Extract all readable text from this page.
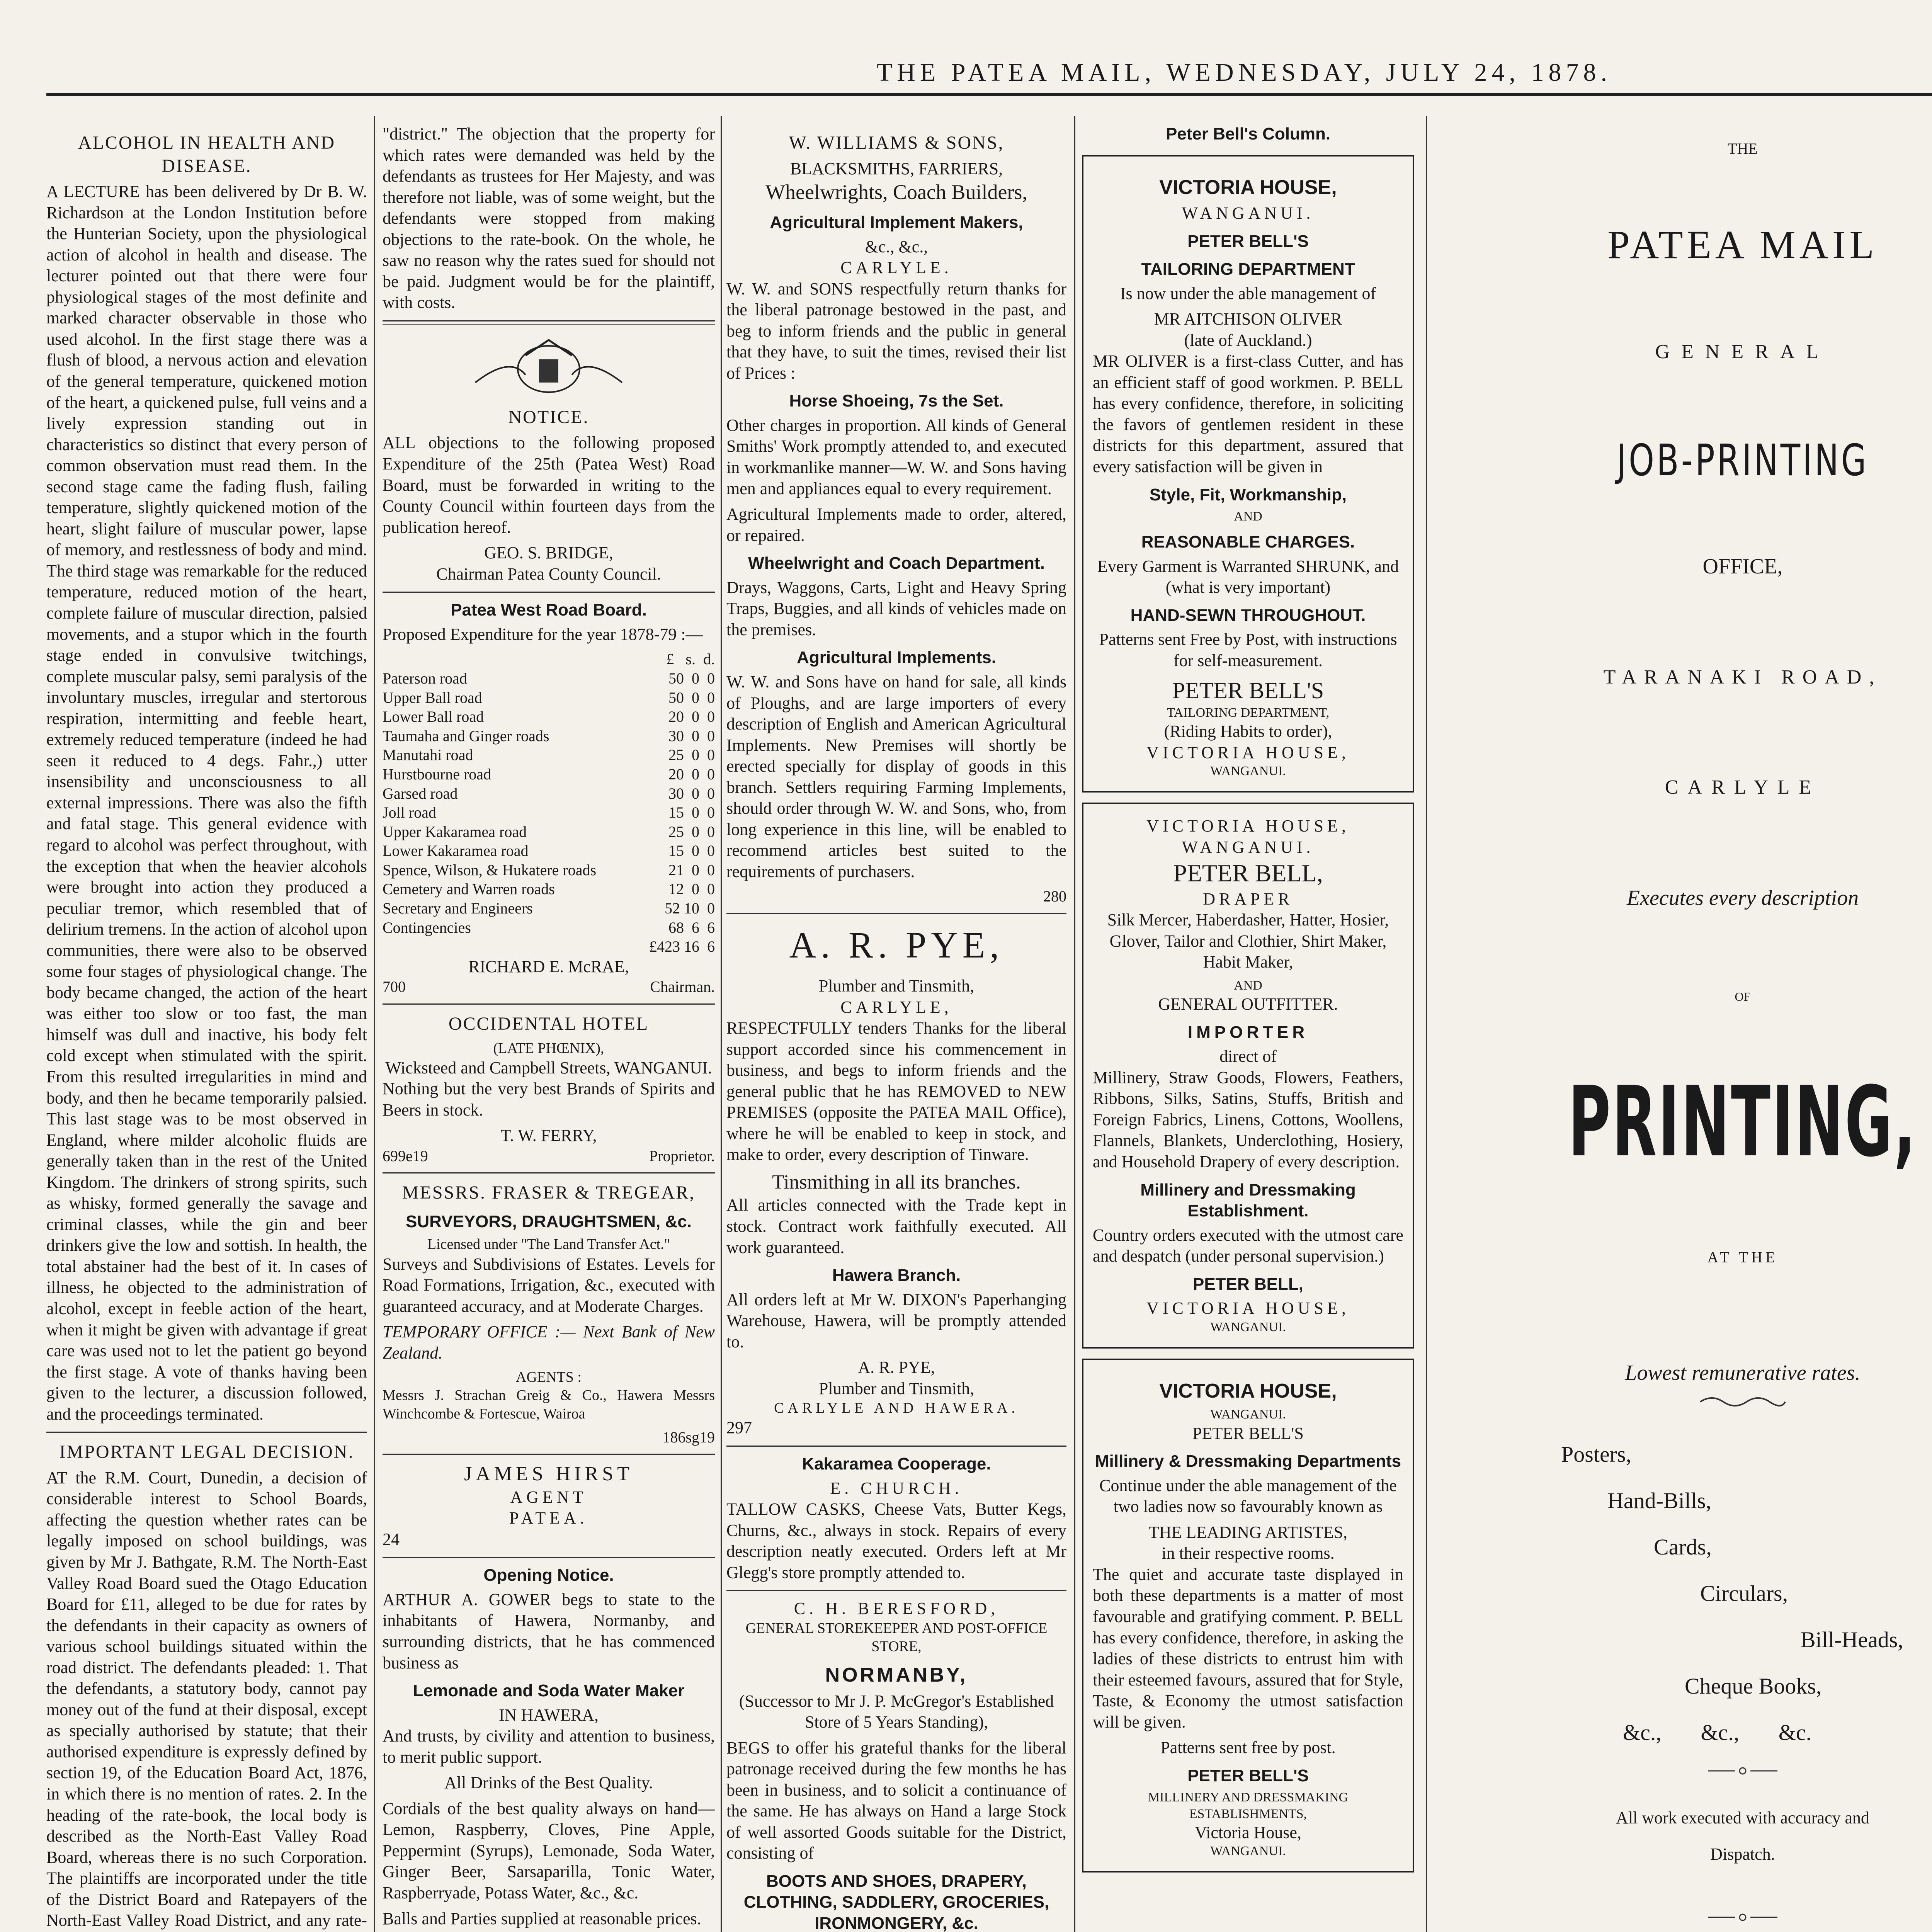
THE PATEA MAIL, WEDNESDAY, JULY 24, 1878.
ALCOHOL IN HEALTH AND DISEASE.

A LECTURE has been delivered by Dr B. W. Richardson at the London Institution before the Hunterian Society, upon the physiological action of alcohol in health and disease. The lecturer pointed out that there were four physiological stages of the most definite and marked character observable in those who used alcohol. In the first stage there was a flush of blood, a nervous action and elevation of the general temperature, quickened motion of the heart, a quickened pulse, full veins and a lively expression standing out in characteristics so distinct that every person of common observation must read them. In the second stage came the fading flush, failing temperature, slightly quickened motion of the heart, slight failure of muscular power, lapse of memory, and restlessness of body and mind. The third stage was remarkable for the reduced temperature, reduced motion of the heart, complete failure of muscular direction, palsied movements, and a stupor which in the fourth stage ended in convulsive twitchings, complete muscular palsy, semi paralysis of the involuntary muscles, irregular and stertorous respiration, intermitting and feeble heart, extremely reduced temperature (indeed he had seen it reduced to 4 degs. Fahr.,) utter insensibility and unconsciousness to all external impressions. There was also the fifth and fatal stage. This general evidence with regard to alcohol was perfect throughout, with the exception that when the heavier alcohols were brought into action they produced a peculiar tremor, which resembled that of delirium tremens. In the action of alcohol upon communities, there were also to be observed some four stages of physiological change. The body became changed, the action of the heart was either too slow or too fast, the man himself was dull and inactive, his body felt cold except when stimulated with the spirit. From this resulted irregularities in mind and body, and then he became temporarily palsied. This last stage was to be most observed in England, where milder alcoholic fluids are generally taken than in the rest of the United Kingdom. The drinkers of strong spirits, such as whisky, formed generally the savage and criminal classes, while the gin and beer drinkers give the low and sottish. In health, the total abstainer had the best of it. In cases of illness, he objected to the administration of alcohol, except in feeble action of the heart, when it might be given with advantage if great care was used not to let the patient go beyond the first stage. A vote of thanks having been given to the lecturer, a discussion followed, and the proceedings terminated.

IMPORTANT LEGAL DECISION.

AT the R.M. Court, Dunedin, a decision of considerable interest to School Boards, affecting the question whether rates can be legally imposed on school buildings, was given by Mr J. Bathgate, R.M. The North-East Valley Road Board sued the Otago Education Board for £11, alleged to be due for rates by the defendants in their capacity as owners of various school buildings situated within the road district. The defendants pleaded: 1. That the defendants, a statutory body, cannot pay money out of the fund at their disposal, except as specially authorised by statute; that their authorised expenditure is expressly defined by section 19, of the Education Board Act, 1876, in which there is no mention of rates. 2. In the heading of the rate-book, the local body is described as the North-East Valley Road Board, whereas there is no such Corporation. The plaintiffs are incorporated under the title of the District Board and Ratepayers of the North-East Valley Road District, and any rate-

"district." The objection that the property for which rates were demanded was held by the defendants as trustees for Her Majesty, and was therefore not liable, was of some weight, but the defendants were stopped from making objections to the rate-book. On the whole, he saw no reason why the rates sued for should not be paid. Judgment would be for the plaintiff, with costs.

NOTICE.

ALL objections to the following proposed Expenditure of the 25th (Patea West) Road Board, must be forwarded in writing to the County Council within fourteen days from the publication hereof.

GEO. S. BRIDGE,
Chairman Patea County Council.
Patea West Road Board.

Proposed Expenditure for the year 1878-79 :—

£   s.  d.
Paterson road	50  0  0
Upper Ball road	50  0  0
Lower Ball road	20  0  0
Taumaha and Ginger roads	30  0  0
Manutahi road	25  0  0
Hurstbourne road	20  0  0
Garsed road	30  0  0
Joll road	15  0  0
Upper Kakaramea road	25  0  0
Lower Kakaramea road	15  0  0
Spence, Wilson, & Hukatere roads	21  0  0
Cemetery and Warren roads	12  0  0
Secretary and Engineers	52 10  0
Contingencies	68  6  6
£423 16  6
RICHARD E. McRAE,
700	Chairman.
OCCIDENTAL HOTEL
(LATE PHŒNIX),
Wicksteed and Campbell Streets, WANGANUI.

Nothing but the very best Brands of Spirits and Beers in stock.

T. W. FERRY,
699e19	Proprietor.
MESSRS. FRASER & TREGEAR,
SURVEYORS, DRAUGHTSMEN, &c.
Licensed under "The Land Transfer Act."

Surveys and Subdivisions of Estates. Levels for Road Formations, Irrigation, &c., executed with guaranteed accuracy, and at Moderate Charges.

TEMPORARY OFFICE :— Next Bank of New Zealand.

AGENTS :

Messrs J. Strachan Greig & Co., Hawera Messrs Winchcombe & Fortescue, Wairoa

186sg19
JAMES HIRST
AGENT
PATEA.
24
Opening Notice.

ARTHUR A. GOWER begs to state to the inhabitants of Hawera, Normanby, and surrounding districts, that he has commenced business as

Lemonade and Soda Water Maker
IN HAWERA,

And trusts, by civility and attention to business, to merit public support.

All Drinks of the Best Quality.

Cordials of the best quality always on hand—Lemon, Raspberry, Cloves, Pine Apple, Peppermint (Syrups), Lemonade, Soda Water, Ginger Beer, Sarsaparilla, Tonic Water, Raspberryade, Potass Water, &c., &c.

Balls and Parties supplied at reasonable prices.

W. WILLIAMS & SONS,
BLACKSMITHS, FARRIERS,
Wheelwrights, Coach Builders,
Agricultural Implement Makers,
&c., &c.,
CARLYLE.

W. W. and SONS respectfully return thanks for the liberal patronage bestowed in the past, and beg to inform friends and the public in general that they have, to suit the times, revised their list of Prices :

Horse Shoeing, 7s the Set.

Other charges in proportion. All kinds of General Smiths' Work promptly attended to, and executed in workmanlike manner—W. W. and Sons having men and appliances equal to every requirement.

Agricultural Implements made to order, altered, or repaired.

Wheelwright and Coach Department.

Drays, Waggons, Carts, Light and Heavy Spring Traps, Buggies, and all kinds of vehicles made on the premises.

Agricultural Implements.

W. W. and Sons have on hand for sale, all kinds of Ploughs, and are large importers of every description of English and American Agricultural Implements. New Premises will shortly be erected specially for display of goods in this branch. Settlers requiring Farming Implements, should order through W. W. and Sons, who, from long experience in this line, will be enabled to recommend articles best suited to the requirements of purchasers.

280
A. R. PYE,
Plumber and Tinsmith,
CARLYLE,

RESPECTFULLY tenders Thanks for the liberal support accorded since his commencement in business, and begs to inform friends and the general public that he has REMOVED to NEW PREMISES (opposite the PATEA MAIL Office), where he will be enabled to keep in stock, and make to order, every description of Tinware.

Tinsmithing in all its branches.

All articles connected with the Trade kept in stock. Contract work faithfully executed. All work guaranteed.

Hawera Branch.

All orders left at Mr W. DIXON's Paperhanging Warehouse, Hawera, will be promptly attended to.

A. R. PYE,
Plumber and Tinsmith,
CARLYLE AND HAWERA.
297
Kakaramea Cooperage.
E. CHURCH.

TALLOW CASKS, Cheese Vats, Butter Kegs, Churns, &c., always in stock. Repairs of every description neatly executed. Orders left at Mr Glegg's store promptly attended to.

C. H. BERESFORD,
GENERAL STOREKEEPER AND POST-OFFICE STORE,
NORMANBY,

(Successor to Mr J. P. McGregor's Established Store of 5 Years Standing),

BEGS to offer his grateful thanks for the liberal patronage received during the few months he has been in business, and to solicit a continuance of the same. He has always on Hand a large Stock of well assorted Goods suitable for the District, consisting of

BOOTS AND SHOES, DRAPERY, CLOTHING, SADDLERY, GROCERIES, IRONMONGERY, &c.

Peter Bell's Column.
VICTORIA HOUSE,
WANGANUI.
PETER BELL'S
TAILORING DEPARTMENT

Is now under the able management of

MR AITCHISON OLIVER
(late of Auckland.)

MR OLIVER is a first-class Cutter, and has an efficient staff of good workmen. P. BELL has every confidence, therefore, in soliciting the favors of gentlemen resident in these districts for this department, assured that every satisfaction will be given in

Style, Fit, Workmanship,
AND
REASONABLE CHARGES.

Every Garment is Warranted SHRUNK, and (what is very important)

HAND-SEWN THROUGHOUT.

Patterns sent Free by Post, with instructions for self-measurement.

PETER BELL'S
TAILORING DEPARTMENT,
(Riding Habits to order),
VICTORIA HOUSE,
WANGANUI.
VICTORIA HOUSE,
WANGANUI.
PETER BELL,
DRAPER

Silk Mercer, Haberdasher, Hatter, Hosier, Glover, Tailor and Clothier, Shirt Maker, Habit Maker,

AND
GENERAL OUTFITTER.
IMPORTER
direct of

Millinery, Straw Goods, Flowers, Feathers, Ribbons, Silks, Satins, Stuffs, British and Foreign Fabrics, Linens, Cottons, Woollens, Flannels, Blankets, Underclothing, Hosiery, and Household Drapery of every description.

Millinery and Dressmaking Establishment.

Country orders executed with the utmost care and despatch (under personal supervision.)

PETER BELL,
VICTORIA HOUSE,
WANGANUI.
VICTORIA HOUSE,
WANGANUI.
PETER BELL'S
Millinery & Dressmaking Departments

Continue under the able management of the two ladies now so favourably known as

THE LEADING ARTISTES,
in their respective rooms.

The quiet and accurate taste displayed in both these departments is a matter of most favourable and gratifying comment. P. BELL has every confidence, therefore, in asking the ladies of these districts to entrust him with their esteemed favours, assured that for Style, Taste, & Economy the utmost satisfaction will be given.

Patterns sent free by post.
PETER BELL'S
MILLINERY AND DRESSMAKING ESTABLISHMENTS,
Victoria House,
WANGANUI.
THE
PATEA MAIL
GENERAL
JOB-PRINTING
OFFICE,
TARANAKI ROAD,
CARLYLE
Executes every description
OF
PRINTING,
AT THE
Lowest remunerative rates.
Posters,
Hand-Bills,
Cards,
Circulars,
Bill-Heads,
Cheque Books,
&c.,       &c.,       &c.
All work executed with accuracy and
Dispatch.
